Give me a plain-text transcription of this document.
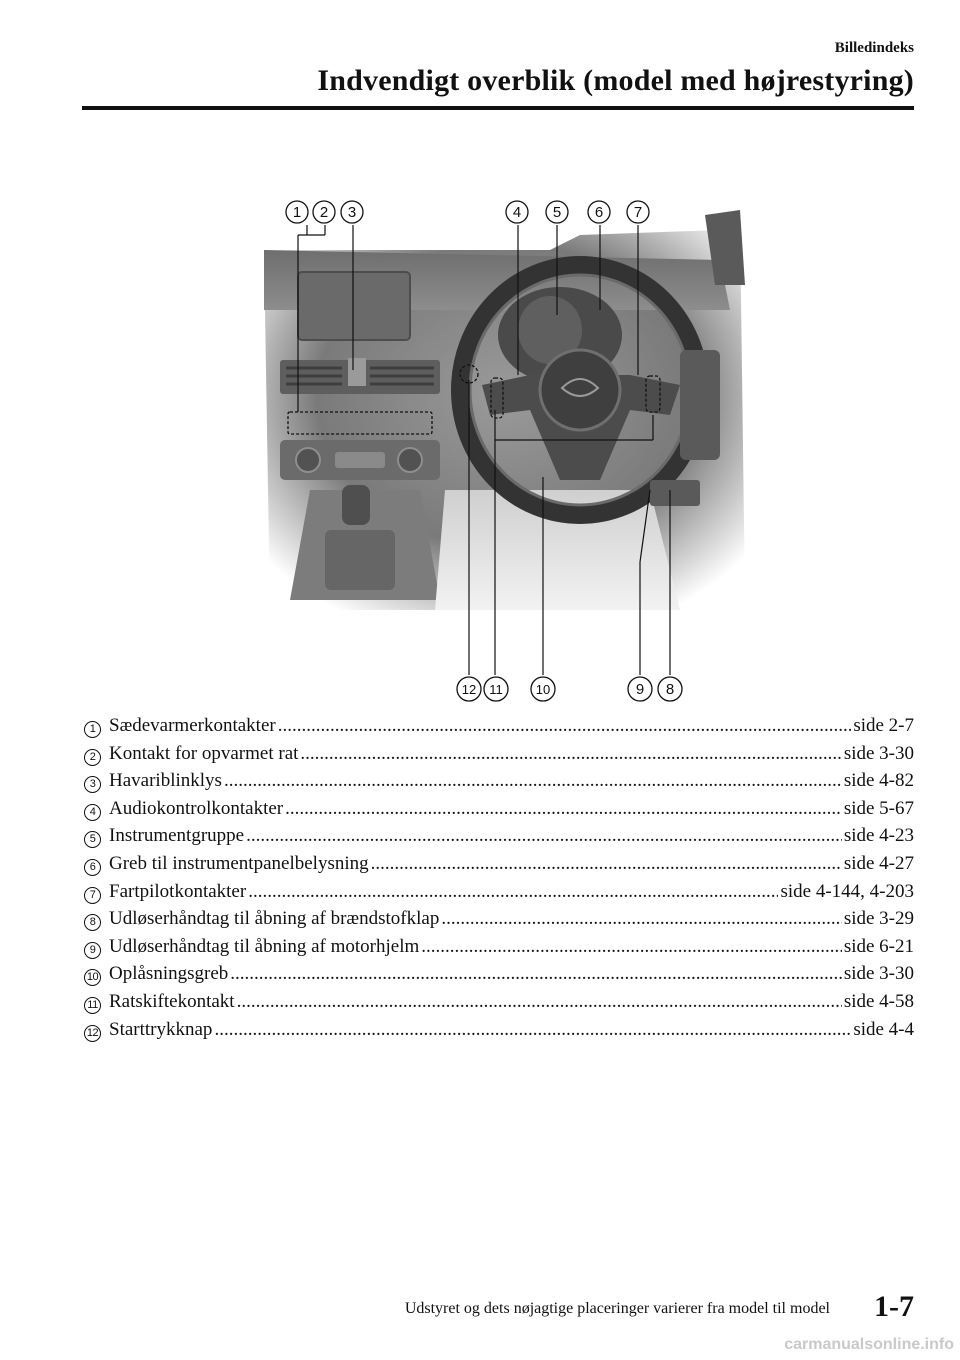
Billedindeks
Indvendigt overblik (model med højrestyring)
1 2 3	4 5 6 7
12 11	10	9 8
1 Sædevarmerkontakter .....	side 2-7
2 Kontakt for opvarmet rat .....	side 3-30
3 Havariblinklys .....	side 4-82
4 Audiokontrolkontakter .....	side 5-67
5 Instrumentgruppe .....	side 4-23
6 Greb til instrumentpanelbelysning .....	side 4-27
7 Fartpilotkontakter .....	side 4-144, 4-203
8 Udløserhåndtag til åbning af brændstofklap .....	side 3-29
9 Udløserhåndtag til åbning af motorhjelm .....	side 6-21
10 Oplåsningsgreb .....	side 3-30
11 Ratskiftekontakt .....	side 4-58
12 Starttrykknap .....	side 4-4
Udstyret og dets nøjagtige placeringer varierer fra model til model 1-7
carmanualsonline.info
